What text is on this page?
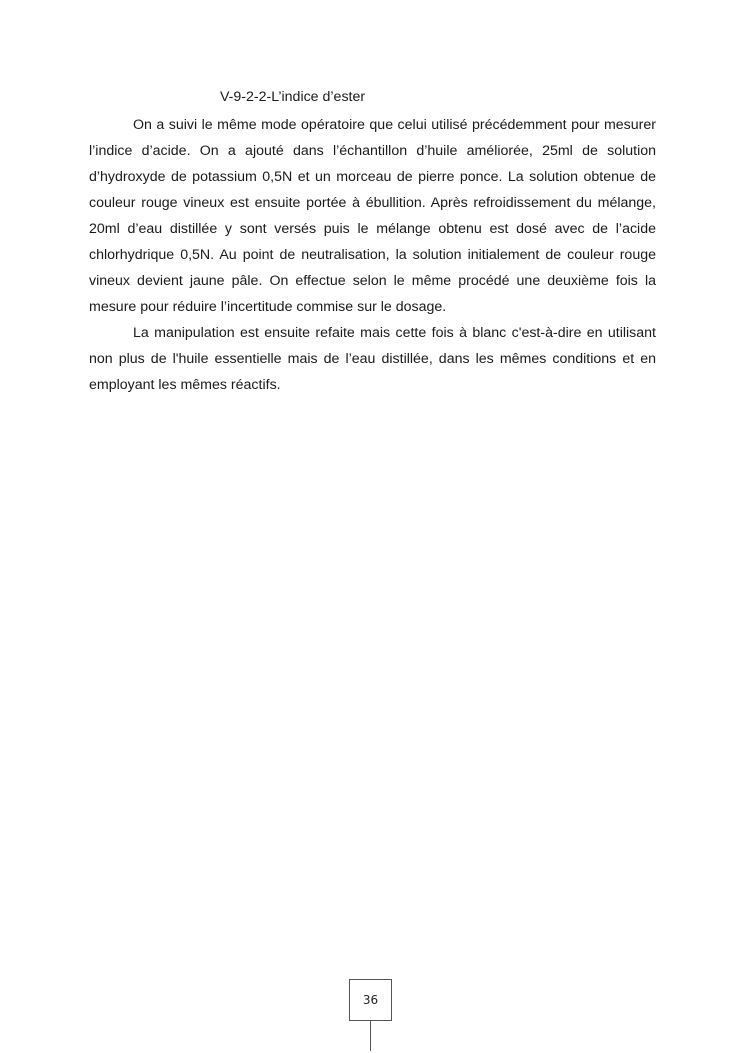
V-9-2-2-L’indice d’ester

On a suivi le même mode opératoire que celui utilisé précédemment pour mesurer l’indice d’acide. On a ajouté dans l’échantillon d’huile améliorée, 25ml de solution d’hydroxyde de potassium 0,5N et un morceau de pierre ponce. La solution obtenue de couleur rouge vineux est ensuite portée à ébullition. Après refroidissement du mélange, 20ml d’eau distillée y sont versés puis le mélange obtenu est dosé avec de l’acide chlorhydrique 0,5N. Au point de neutralisation, la solution initialement de couleur rouge vineux devient jaune pâle. On effectue selon le même procédé une deuxième fois la mesure pour réduire l’incertitude commise sur le dosage.

La manipulation est ensuite refaite mais cette fois à blanc c'est-à-dire en utilisant non plus de l'huile essentielle mais de l’eau distillée, dans les mêmes conditions et en employant les mêmes réactifs.

36
